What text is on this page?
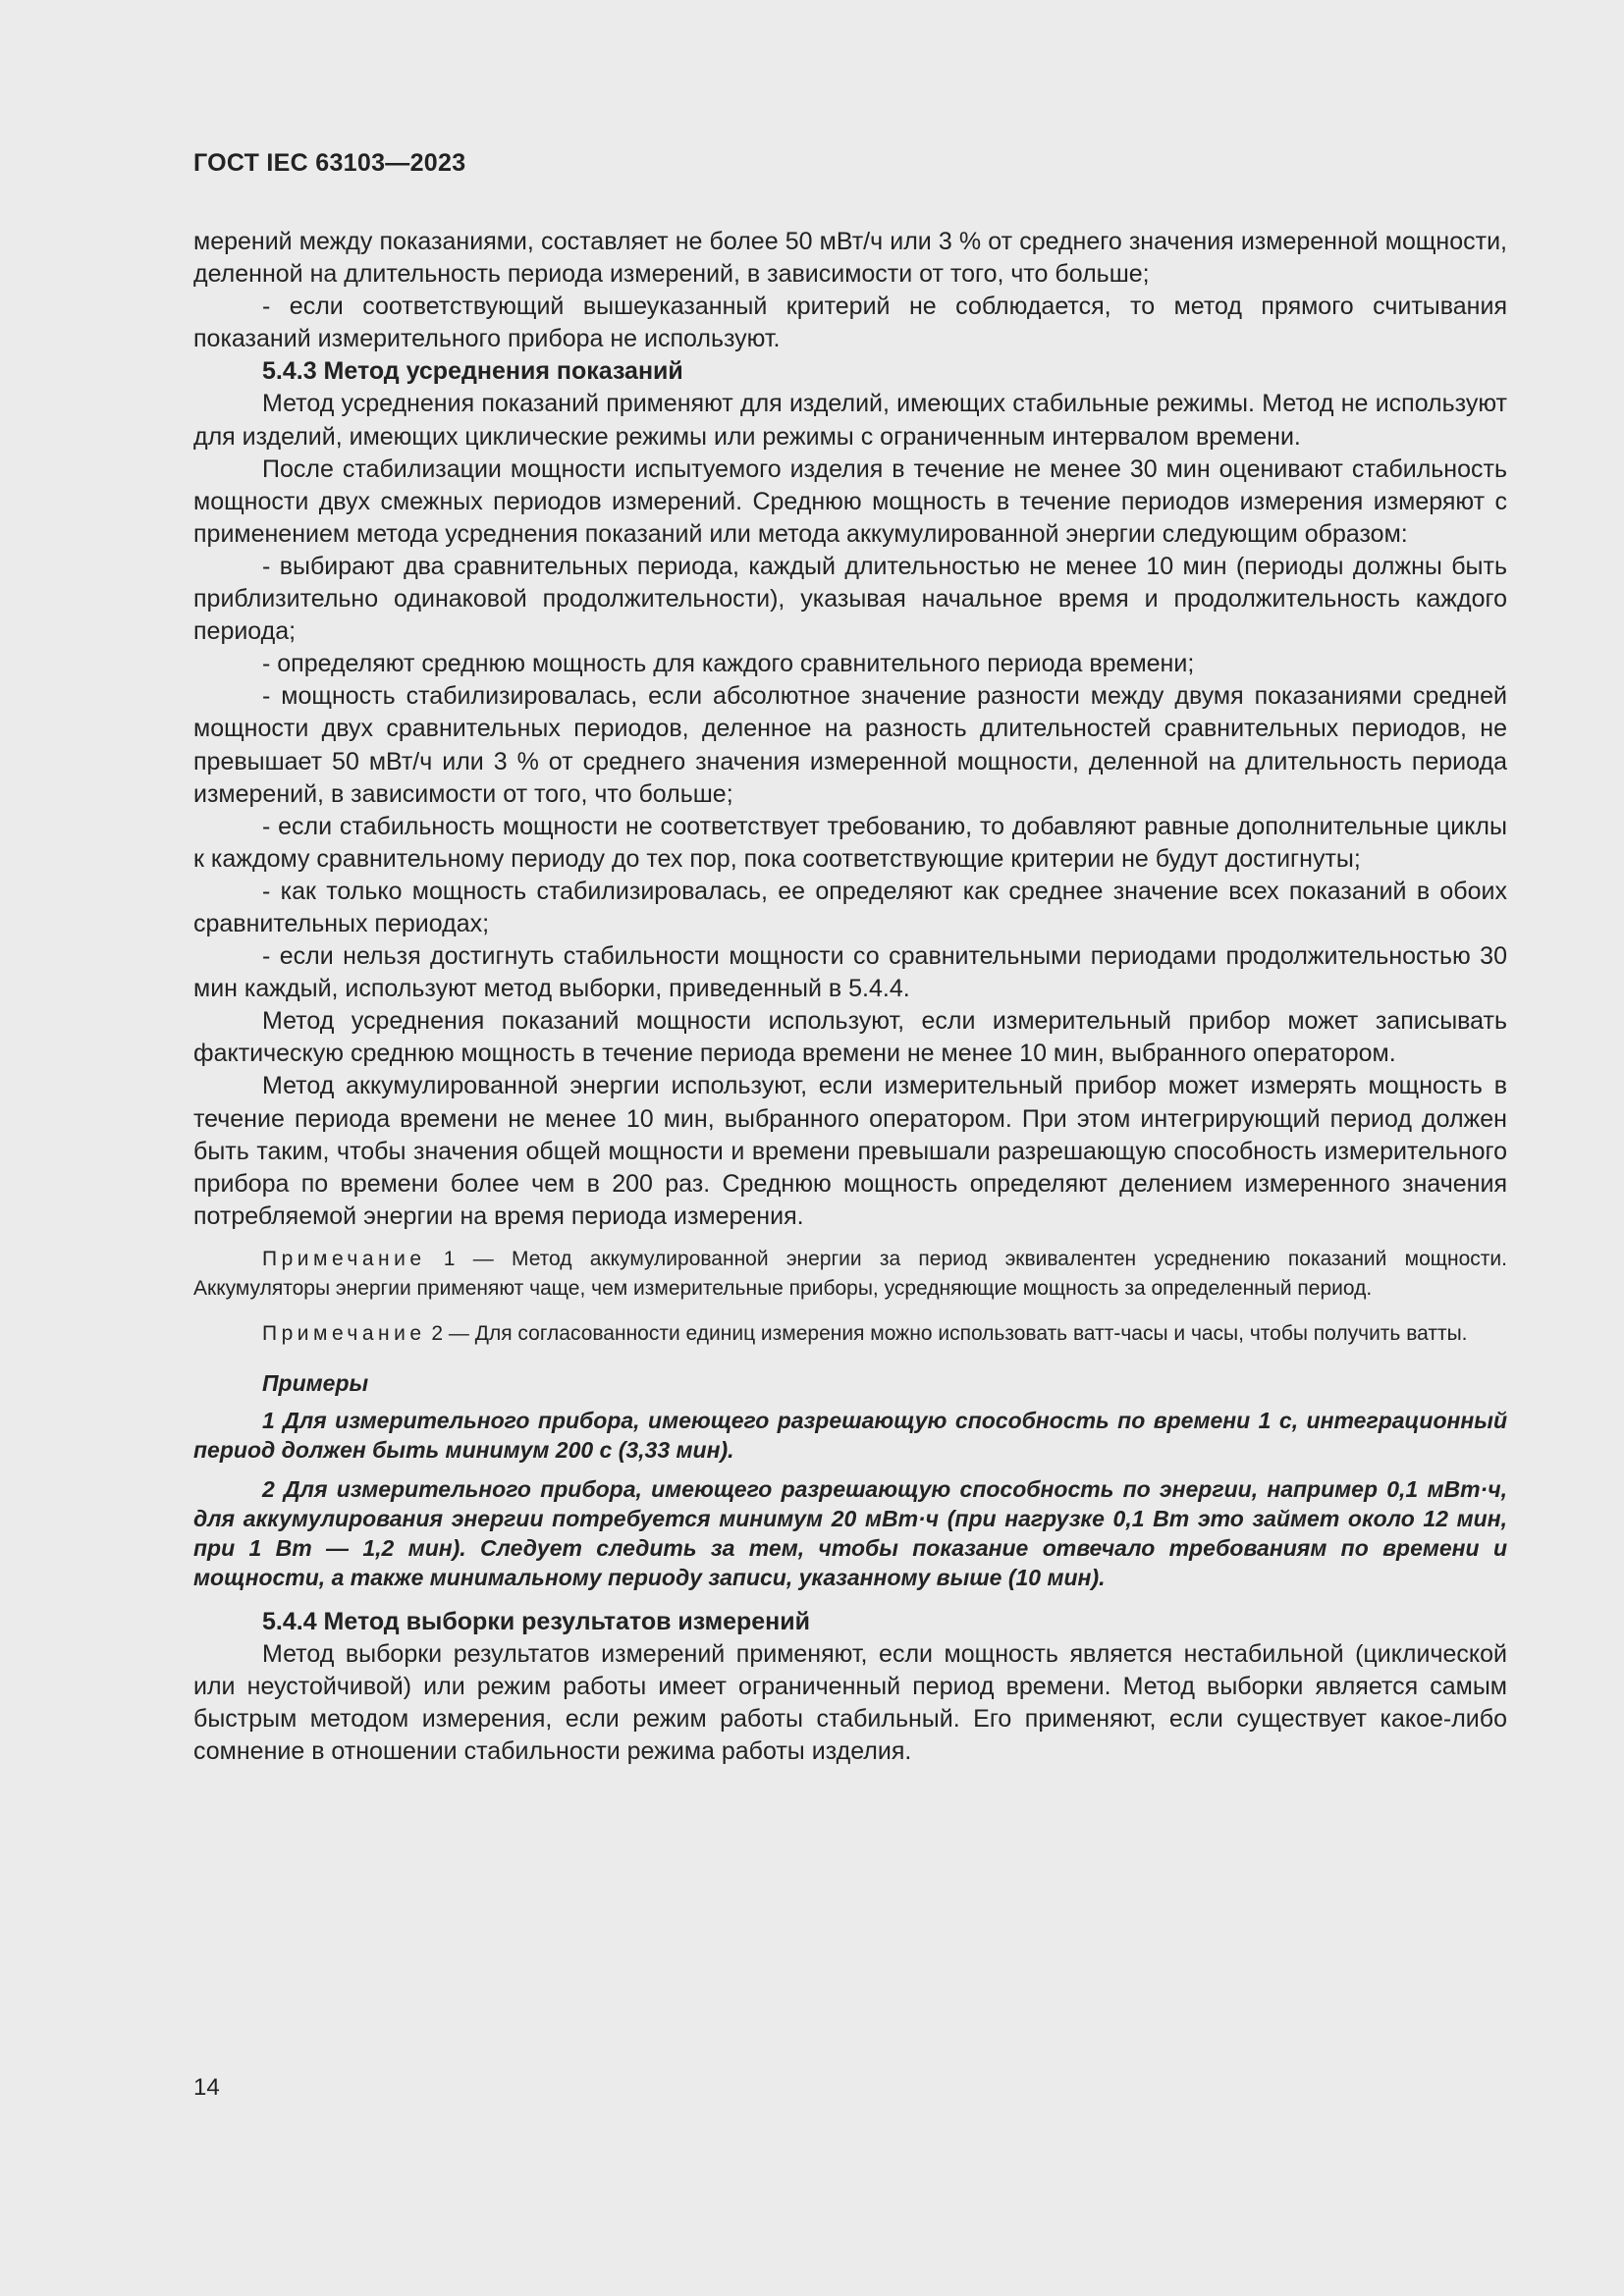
ГОСТ IEC 63103—2023

мерений между показаниями, составляет не более 50 мВт/ч или 3 % от среднего значения измеренной мощности, деленной на длительность периода измерений, в зависимости от того, что больше;

- если соответствующий вышеуказанный критерий не соблюдается, то метод прямого считывания показаний измерительного прибора не используют.

5.4.3 Метод усреднения показаний

Метод усреднения показаний применяют для изделий, имеющих стабильные режимы. Метод не используют для изделий, имеющих циклические режимы или режимы с ограниченным интервалом времени.

После стабилизации мощности испытуемого изделия в течение не менее 30 мин оценивают стабильность мощности двух смежных периодов измерений. Среднюю мощность в течение периодов измерения измеряют с применением метода усреднения показаний или метода аккумулированной энергии следующим образом:

- выбирают два сравнительных периода, каждый длительностью не менее 10 мин (периоды должны быть приблизительно одинаковой продолжительности), указывая начальное время и продолжительность каждого периода;

- определяют среднюю мощность для каждого сравнительного периода времени;

- мощность стабилизировалась, если абсолютное значение разности между двумя показаниями средней мощности двух сравнительных периодов, деленное на разность длительностей сравнительных периодов, не превышает 50 мВт/ч или 3 % от среднего значения измеренной мощности, деленной на длительность периода измерений, в зависимости от того, что больше;

- если стабильность мощности не соответствует требованию, то добавляют равные дополнительные циклы к каждому сравнительному периоду до тех пор, пока соответствующие критерии не будут достигнуты;

- как только мощность стабилизировалась, ее определяют как среднее значение всех показаний в обоих сравнительных периодах;

- если нельзя достигнуть стабильности мощности со сравнительными периодами продолжительностью 30 мин каждый, используют метод выборки, приведенный в 5.4.4.

Метод усреднения показаний мощности используют, если измерительный прибор может записывать фактическую среднюю мощность в течение периода времени не менее 10 мин, выбранного оператором.

Метод аккумулированной энергии используют, если измерительный прибор может измерять мощность в течение периода времени не менее 10 мин, выбранного оператором. При этом интегрирующий период должен быть таким, чтобы значения общей мощности и времени превышали разрешающую способность измерительного прибора по времени более чем в 200 раз. Среднюю мощность определяют делением измеренного значения потребляемой энергии на время периода измерения.

Примечание 1 — Метод аккумулированной энергии за период эквивалентен усреднению показаний мощности. Аккумуляторы энергии применяют чаще, чем измерительные приборы, усредняющие мощность за определенный период.

Примечание 2 — Для согласованности единиц измерения можно использовать ватт-часы и часы, чтобы получить ватты.

Примеры

1 Для измерительного прибора, имеющего разрешающую способность по времени 1 с, интеграционный период должен быть минимум 200 с (3,33 мин).

2 Для измерительного прибора, имеющего разрешающую способность по энергии, например 0,1 мВт·ч, для аккумулирования энергии потребуется минимум 20 мВт·ч (при нагрузке 0,1 Вт это займет около 12 мин, при 1 Вт — 1,2 мин). Следует следить за тем, чтобы показание отвечало требованиям по времени и мощности, а также минимальному периоду записи, указанному выше (10 мин).

5.4.4 Метод выборки результатов измерений

Метод выборки результатов измерений применяют, если мощность является нестабильной (циклической или неустойчивой) или режим работы имеет ограниченный период времени. Метод выборки является самым быстрым методом измерения, если режим работы стабильный. Его применяют, если существует какое-либо сомнение в отношении стабильности режима работы изделия.

14
